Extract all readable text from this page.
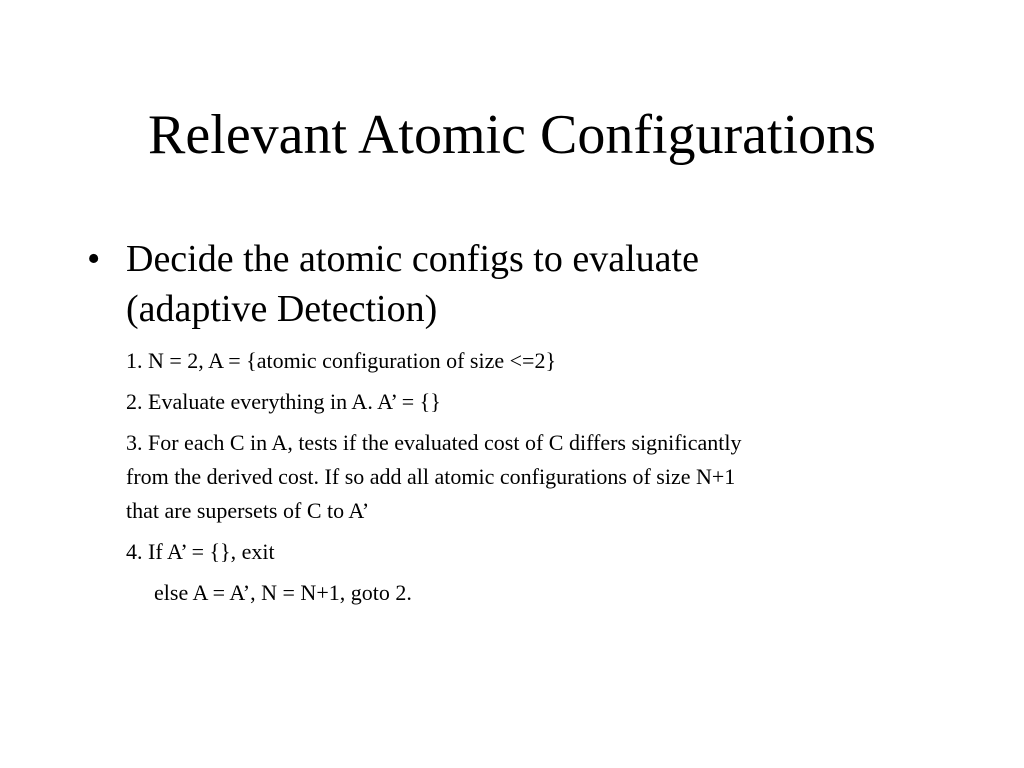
Relevant Atomic Configurations
• Decide the atomic configs to evaluate
(adaptive Detection)
1. N = 2, A = {atomic configuration of size <=2}
2. Evaluate everything in A. A’ = {}
3. For each C in A, tests if the evaluated cost of C differs significantly
from the derived cost. If so add all atomic configurations of size N+1
that are supersets of C to A’
4. If A’ = {}, exit
else A = A’, N = N+1, goto 2.
